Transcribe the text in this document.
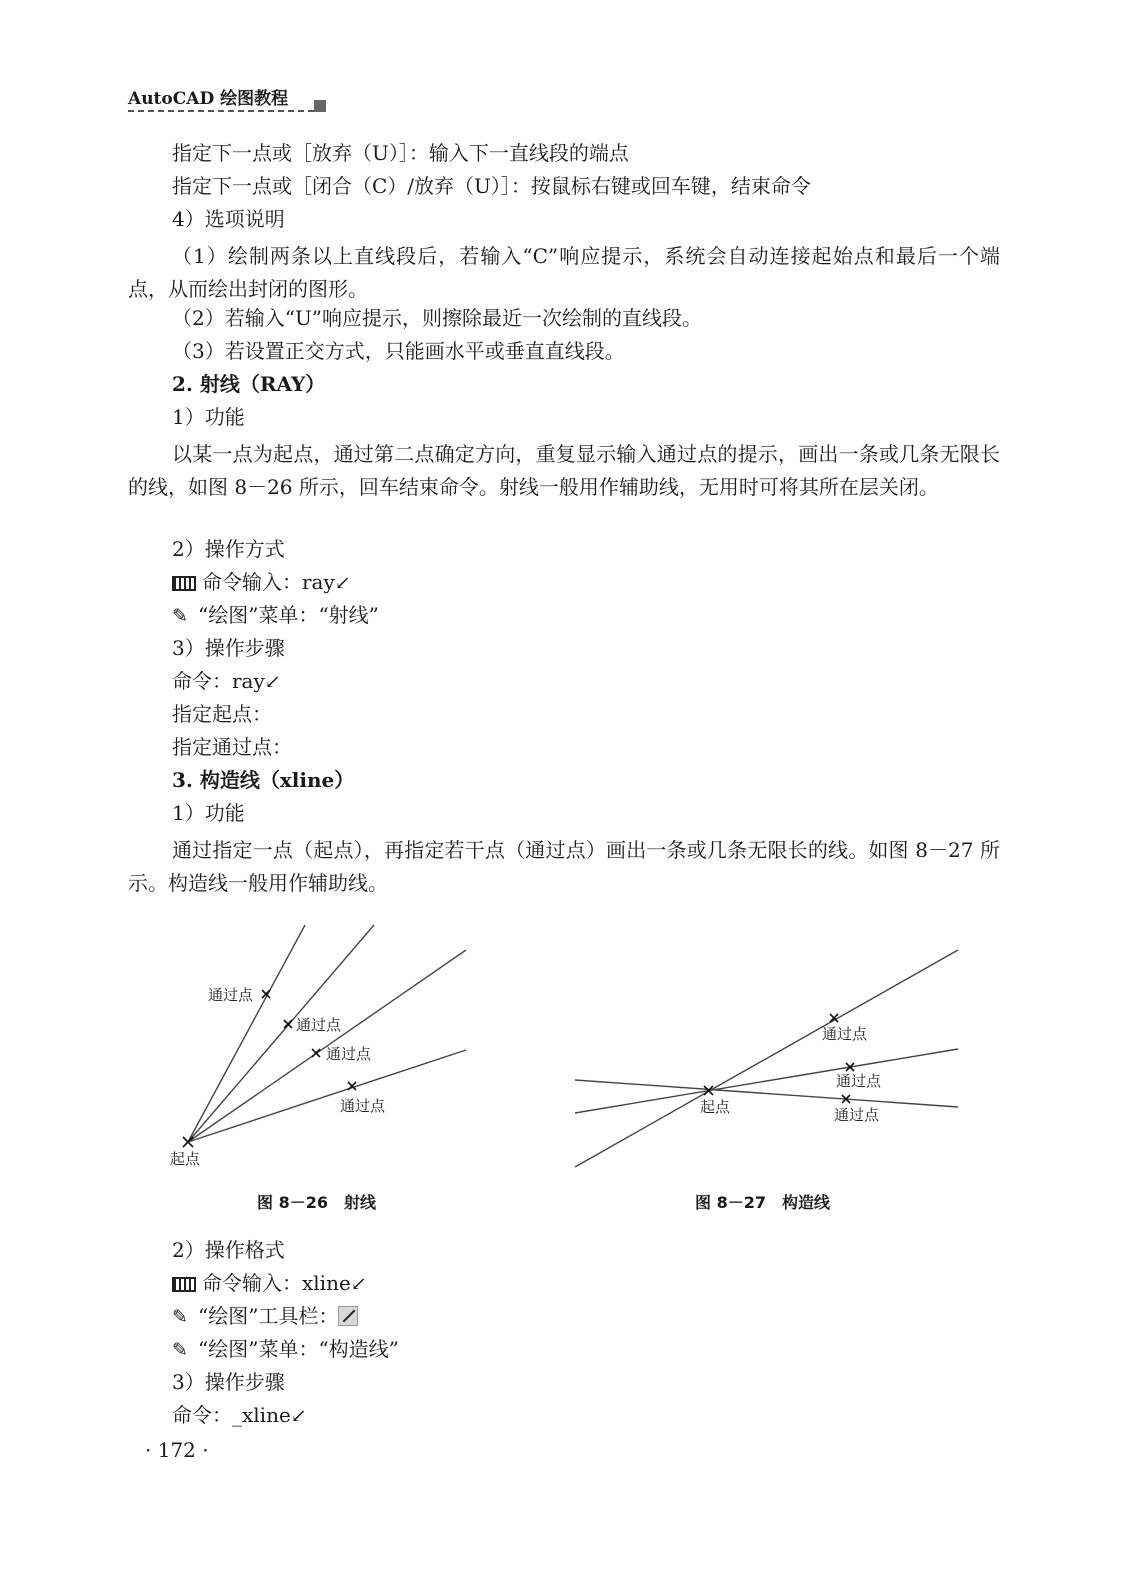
AutoCAD 绘图教程
指定下一点或［放弃（U）］：输入下一直线段的端点
指定下一点或［闭合（C）/放弃（U）］：按鼠标右键或回车键，结束命令
4）选项说明
（1）绘制两条以上直线段后，若输入“C”响应提示，系统会自动连接起始点和最后一个端点，从而绘出封闭的图形。
（2）若输入“U”响应提示，则擦除最近一次绘制的直线段。
（3）若设置正交方式，只能画水平或垂直直线段。
2. 射线（RAY）
1）功能
以某一点为起点，通过第二点确定方向，重复显示输入通过点的提示，画出一条或几条无限长的线，如图 8－26 所示，回车结束命令。射线一般用作辅助线，无用时可将其所在层关闭。
2）操作方式
命令输入：ray↙
✎ “绘图”菜单：“射线”
3）操作步骤
命令：ray↙
指定起点：
指定通过点：
3. 构造线（xline）
1）功能
通过指定一点（起点），再指定若干点（通过点）画出一条或几条无限长的线。如图 8－27 所示。构造线一般用作辅助线。
通过点
通过点
通过点
通过点
起点
图 8－26　射线
通过点
通过点
通过点
起点
图 8－27　构造线
2）操作格式
命令输入：xline↙
✎ “绘图”工具栏：
✎ “绘图”菜单：“构造线”
3）操作步骤
命令：_xline↙
· 172 ·
